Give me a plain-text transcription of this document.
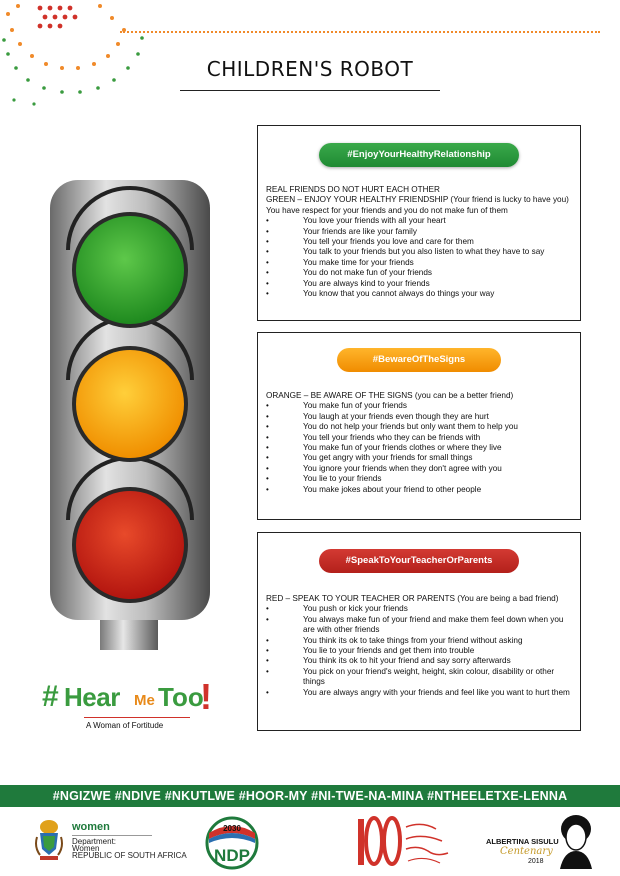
CHILDREN'S ROBOT
#EnjoyYourHealthyRelationship
REAL FRIENDS DO NOT HURT EACH OTHER
GREEN – ENJOY YOUR HEALTHY FRIENDSHIP (Your friend is lucky to have you)
You have respect for your friends and you do not make fun of them
• You love your friends with all your heart
• Your friends are like your family
• You tell your friends you love and care for them
• You talk to your friends but you also listen to what they have to say
• You make time for your friends
• You do not make fun of your friends
• You are always kind to your friends
• You know that you cannot always do things your way
#BewareOfTheSigns
ORANGE – BE AWARE OF THE SIGNS (you can be a better friend)
• You make fun of your friends
• You laugh at your friends even though they are hurt
• You do not help your friends but only want them to help you
• You tell your friends who they can be friends with
• You make fun of your friends clothes or where they live
• You get angry with your friends for small things
• You ignore your friends when they don't agree with you
• You lie to your friends
• You make jokes about your friend to other people
#SpeakToYourTeacherOrParents
RED – SPEAK TO YOUR TEACHER OR PARENTS (You are being a bad friend)
• You push or kick your friends
• You always make fun of your friend and make them feel down when you are with other friends
• You think its ok to take things from your friend without asking
• You lie to your friends and get them into trouble
• You think its ok to hit your friend and say sorry afterwards
• You pick on your friend's weight, height, skin colour, disability or other things
• You are always angry with your friends and feel like you want to hurt them
# Hear Me Too
!
A Woman of Fortitude
#NGIZWE #NDIVE #NKUTLWE #HOOR-MY #NI-TWE-NA-MINA #NTHEELETXE-LENNA
women
Department:
Women
REPUBLIC OF SOUTH AFRICA
2030
NDP
ALBERTINA SISULU
Centenary
2018
